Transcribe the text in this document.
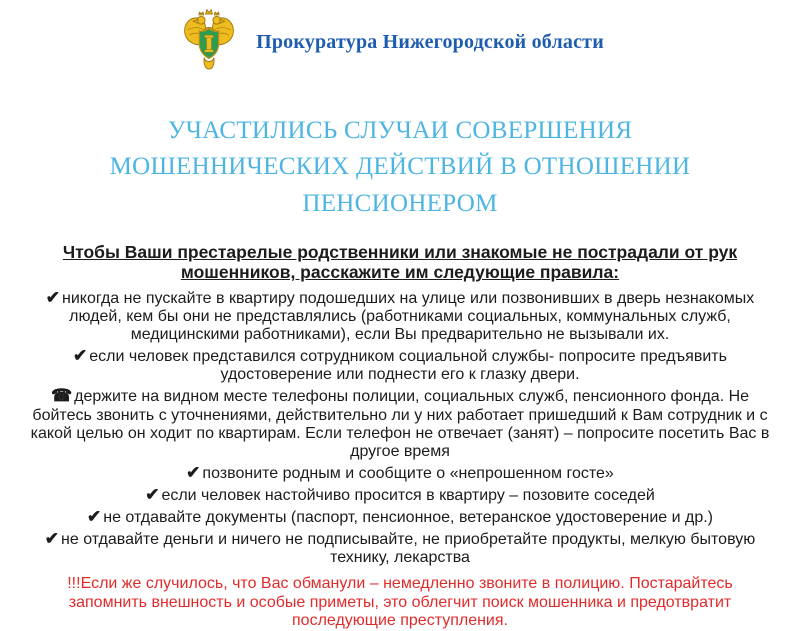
Прокуратура Нижегородской области
УЧАСТИЛИСЬ СЛУЧАИ СОВЕРШЕНИЯ МОШЕННИЧЕСКИХ ДЕЙСТВИЙ В ОТНОШЕНИИ ПЕНСИОНЕРОМ
Чтобы Ваши престарелые родственники или знакомые не пострадали от рук мошенников, расскажите им следующие правила:

✔ никогда не пускайте в квартиру подошедших на улице или позвонивших в дверь незнакомых людей, кем бы они не представлялись (работниками социальных, коммунальных служб, медицинскими работниками), если Вы предварительно не вызывали их.

✔ если человек представился сотрудником социальной службы- попросите предъявить удостоверение или поднести его к глазку двери.

☎ держите на видном месте телефоны полиции, социальных служб, пенсионного фонда. Не бойтесь звонить с уточнениями, действительно ли у них работает пришедший к Вам сотрудник и с какой целью он ходит по квартирам. Если телефон не отвечает (занят) – попросите посетить Вас в другое время

✔ позвоните родным и сообщите о «непрошенном госте»

✔ если человек настойчиво просится в квартиру – позовите соседей

✔ не отдавайте документы (паспорт, пенсионное, ветеранское удостоверение и др.)

✔ не отдавайте деньги и ничего не подписывайте, не приобретайте продукты, мелкую бытовую технику, лекарства

!!!Если же случилось, что Вас обманули – немедленно звоните в полицию. Постарайтесь запомнить внешность и особые приметы, это облегчит поиск мошенника и предотвратит последующие преступления.
